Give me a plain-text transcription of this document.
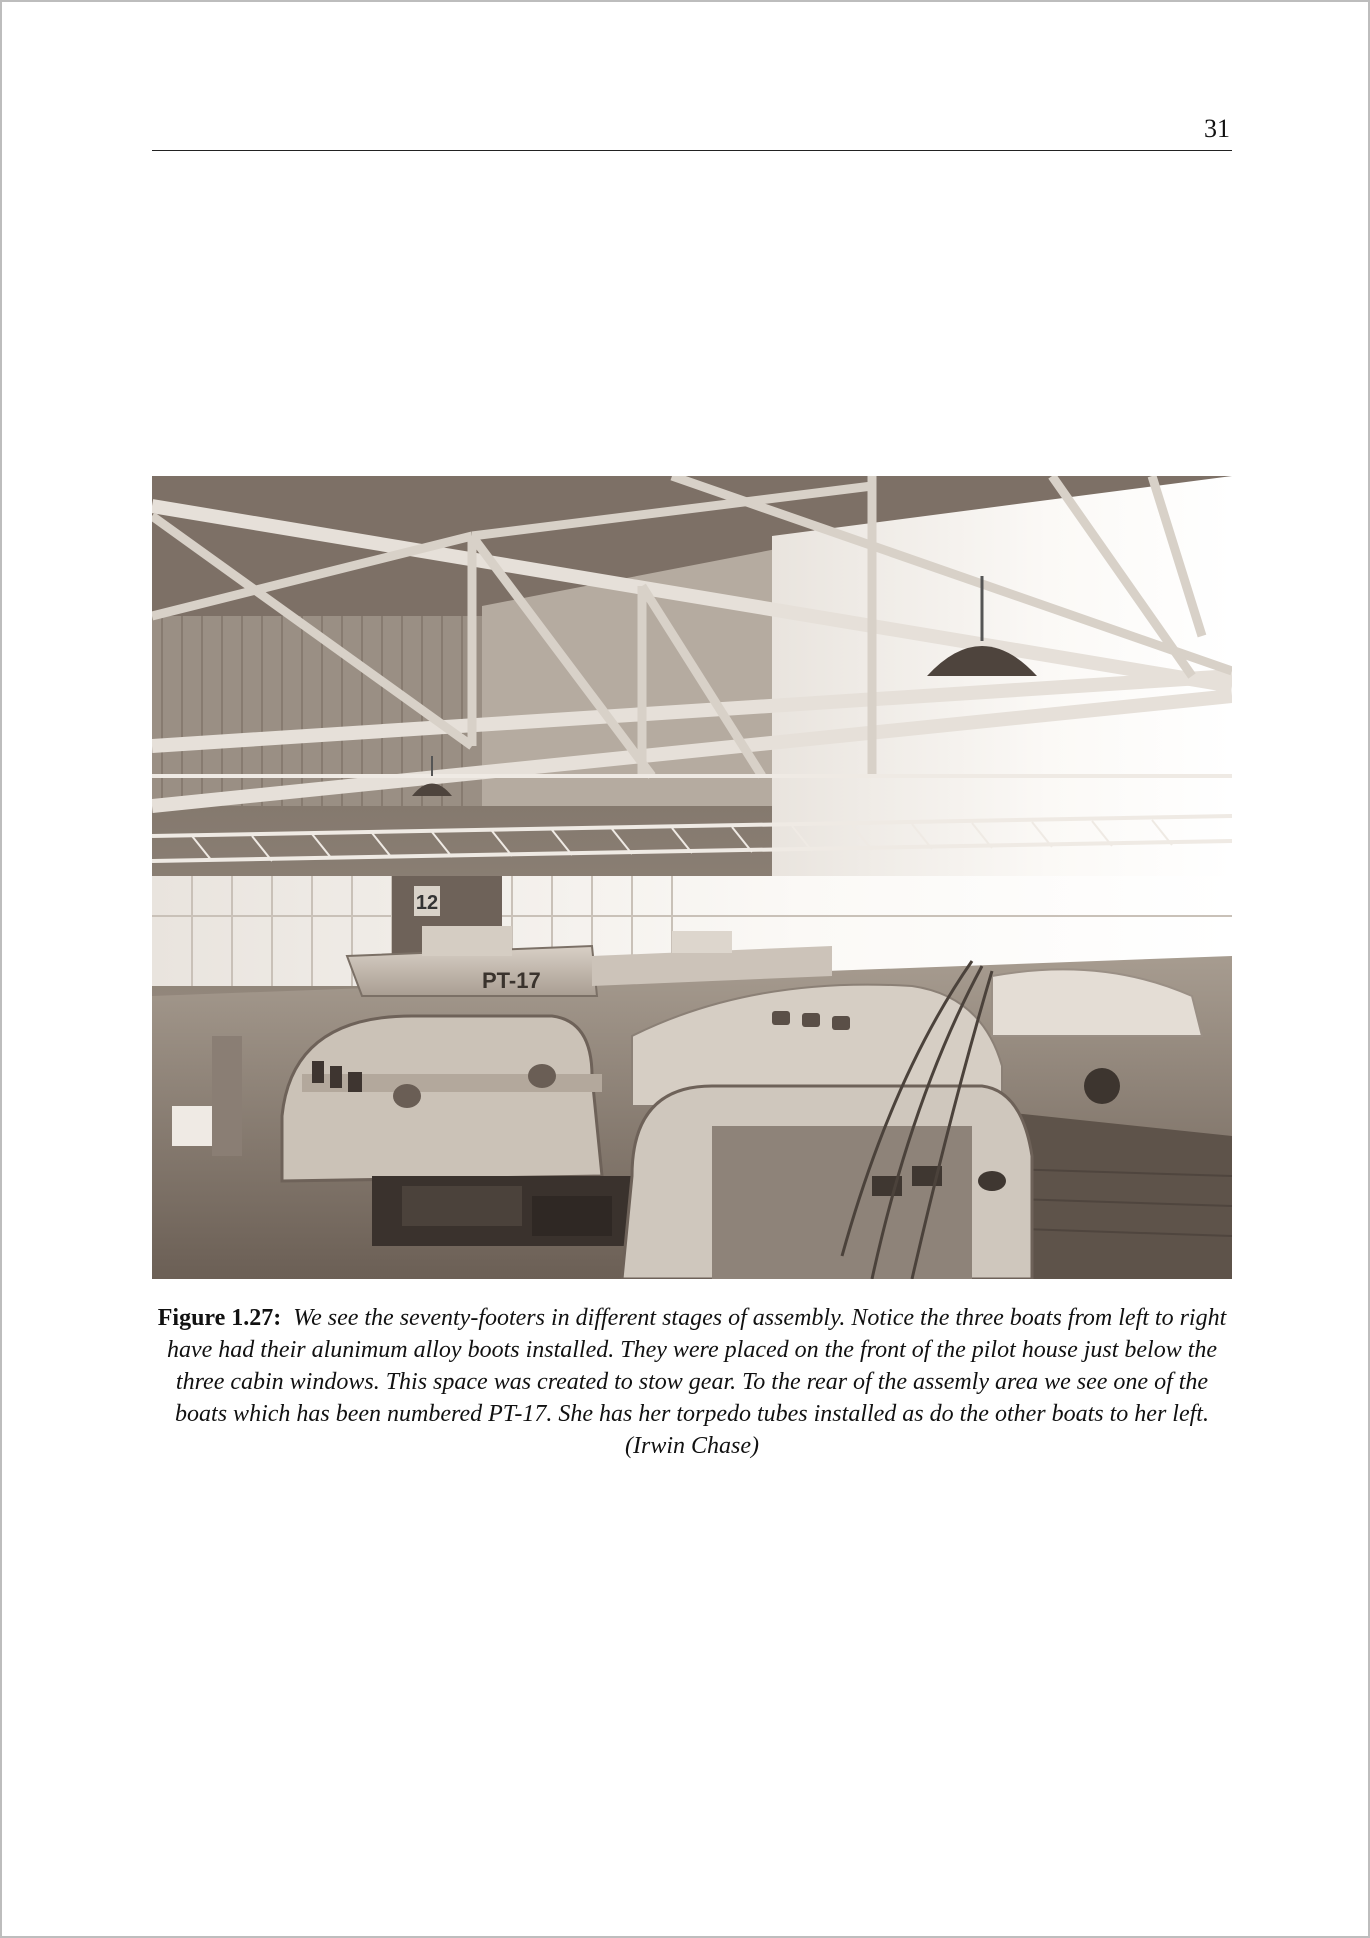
31
12
PT-17
Figure 1.27: We see the seventy-footers in different stages of assembly. Notice the three boats from left to right have had their alunimum alloy boots installed. They were placed on the front of the pilot house just below the three cabin windows. This space was created to stow gear. To the rear of the assemly area we see one of the boats which has been numbered PT-17. She has her torpedo tubes installed as do the other boats to her left. (Irwin Chase)
